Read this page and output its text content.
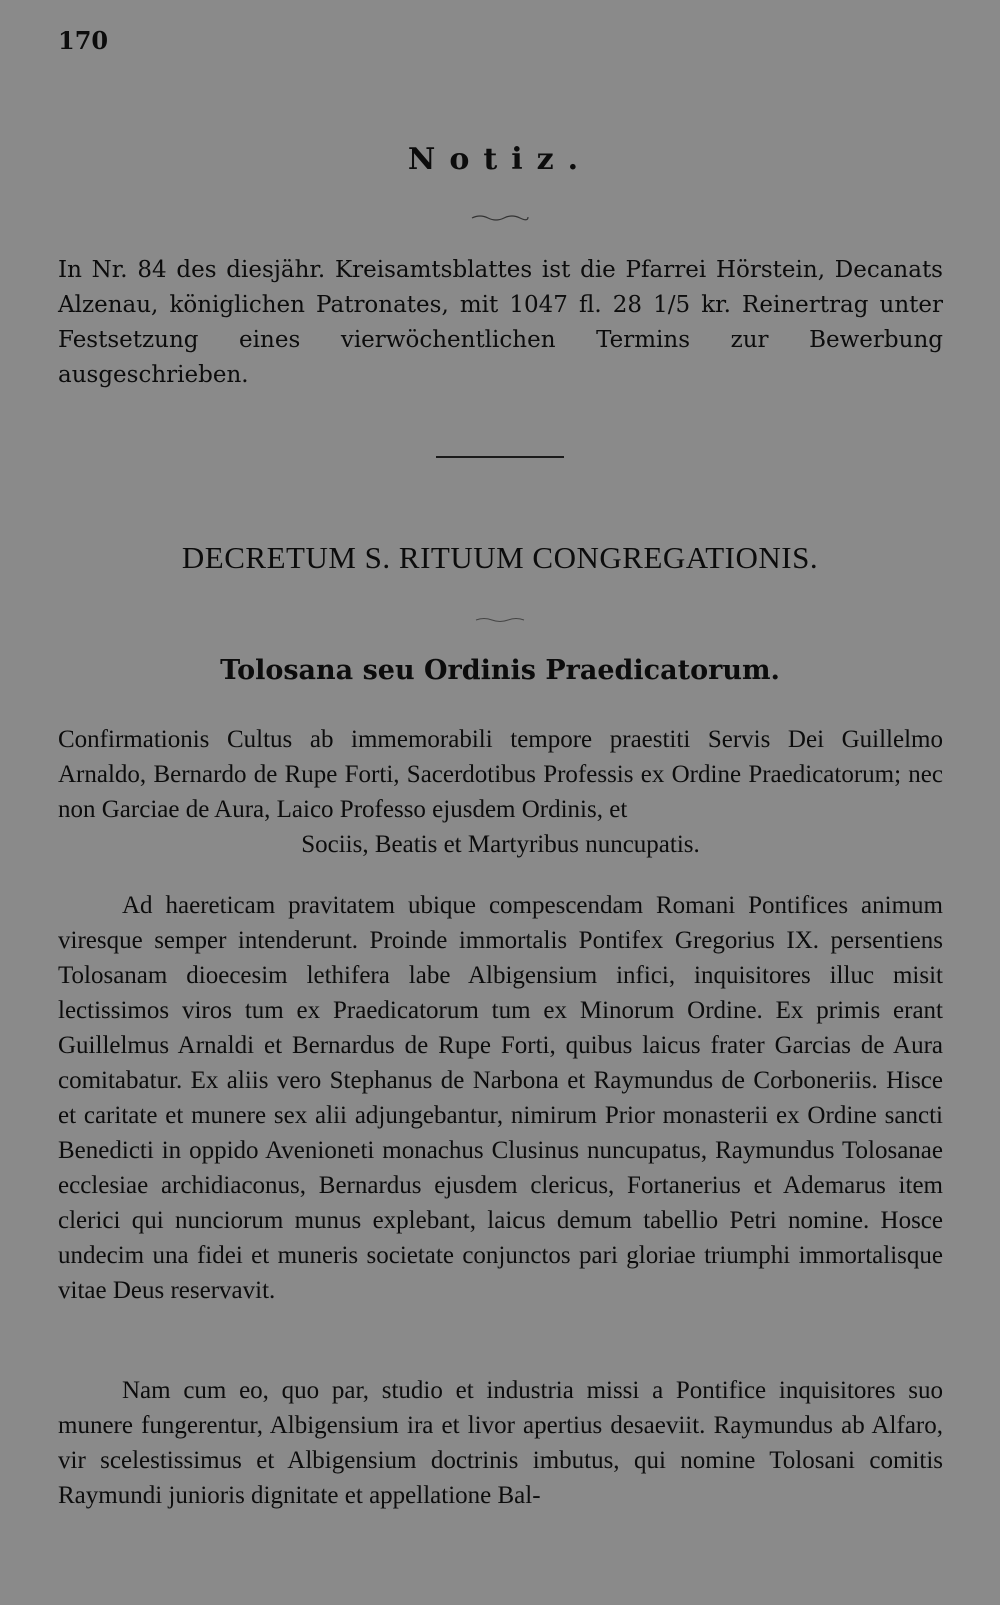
170
Notiz.
In Nr. 84 des diesjähr. Kreisamtsblattes ist die Pfarrei Hörstein, Decanats Alzenau, königlichen Patronates, mit 1047 fl. 28 1/5 kr. Reinertrag unter Festsetzung eines vierwöchentlichen Termins zur Bewerbung ausgeschrieben.
DECRETUM S. RITUUM CONGREGATIONIS.
Tolosana seu Ordinis Praedicatorum.
Confirmationis Cultus ab immemorabili tempore praestiti Servis Dei Guillelmo Arnaldo, Bernardo de Rupe Forti, Sacerdotibus Professis ex Ordine Praedicatorum; nec non Garciae de Aura, Laico Professo ejusdem Ordinis, et
Sociis, Beatis et Martyribus nuncupatis.
Ad haereticam pravitatem ubique compescendam Romani Pontifices animum viresque semper intenderunt. Proinde immortalis Pontifex Gregorius IX. persentiens Tolosanam dioecesim lethifera labe Albigensium infici, inquisitores illuc misit lectissimos viros tum ex Praedicatorum tum ex Minorum Ordine. Ex primis erant Guillelmus Arnaldi et Bernardus de Rupe Forti, quibus laicus frater Garcias de Aura comitabatur. Ex aliis vero Stephanus de Narbona et Raymundus de Corboneriis. Hisce et caritate et munere sex alii adjungebantur, nimirum Prior monasterii ex Ordine sancti Benedicti in oppido Avenioneti monachus Clusinus nuncupatus, Raymundus Tolosanae ecclesiae archidiaconus, Bernardus ejusdem clericus, Fortanerius et Ademarus item clerici qui nunciorum munus explebant, laicus demum tabellio Petri nomine. Hosce undecim una fidei et muneris societate conjunctos pari gloriae triumphi immortalisque vitae Deus reservavit.
Nam cum eo, quo par, studio et industria missi a Pontifice inquisitores suo munere fungerentur, Albigensium ira et livor apertius desaeviit. Raymundus ab Alfaro, vir scelestissimus et Albigensium doctrinis imbutus, qui nomine Tolosani comitis Raymundi junioris dignitate et appellatione Bal-
